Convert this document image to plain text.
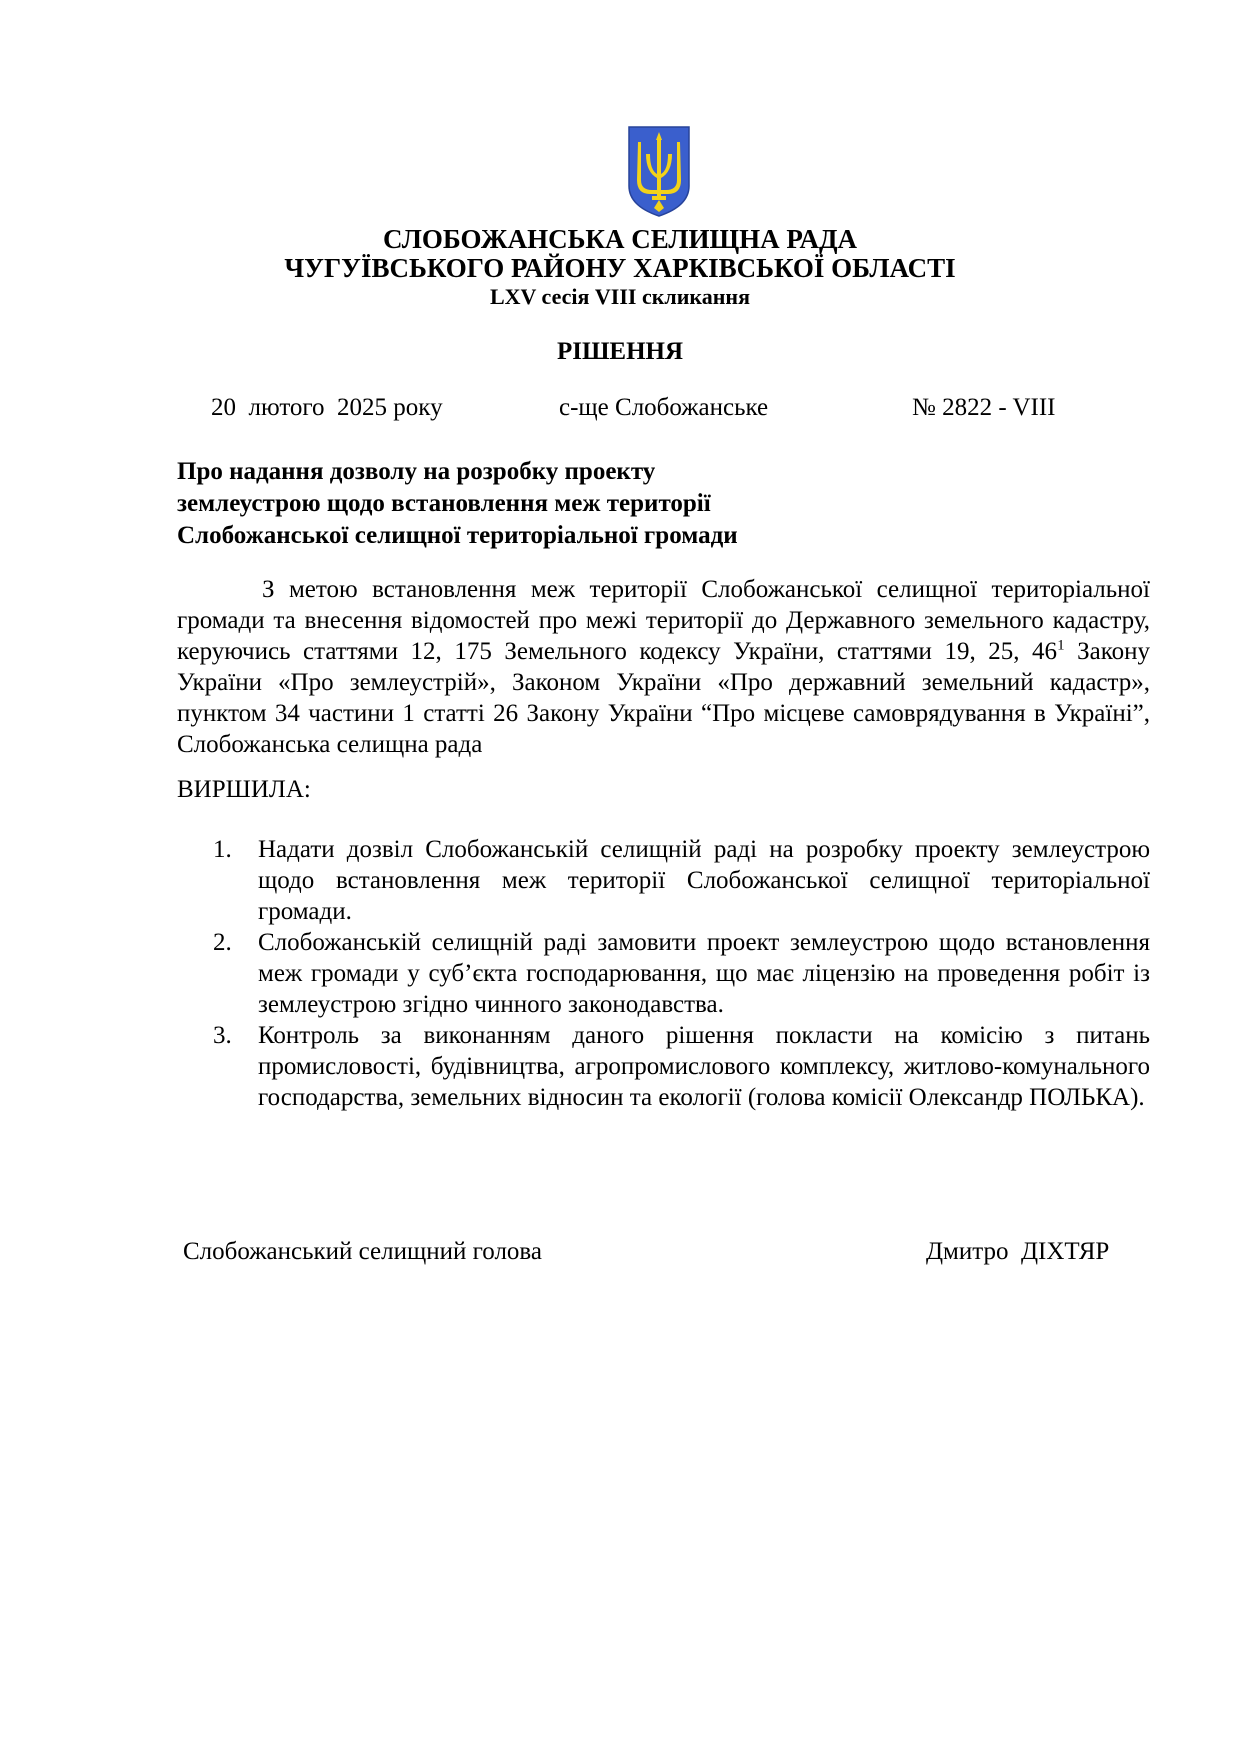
СЛОБОЖАНСЬКА СЕЛИЩНА РАДА
ЧУГУЇВСЬКОГО РАЙОНУ ХАРКІВСЬКОЇ ОБЛАСТІ
LXV сесія VIII скликання
РІШЕННЯ
20  лютого  2025 року	с-ще Слобожанське	№ 2822 - VIII
Про надання дозволу на розробку проекту
землеустрою щодо встановлення меж території
Слобожанської селищної територіальної громади

З метою встановлення меж території Слобожанської селищної територіальної громади та внесення відомостей про межі території до Державного земельного кадастру, керуючись статтями 12, 175 Земельного кодексу України, статтями 19, 25, $46^1$ Закону України «Про землеустрій», Законом України «Про державний земельний кадастр», пунктом 34 частини 1 статті 26 Закону України “Про місцеве самоврядування в Україні”, Слобожанська селищна рада

ВИРШИЛА:
1. Надати дозвіл Слобожанській селищній раді на розробку проекту землеустрою щодо встановлення меж території Слобожанської селищної територіальної громади.
2. Слобожанській селищній раді замовити проект землеустрою щодо встановлення меж громади у суб’єкта господарювання, що має ліцензію на проведення робіт із землеустрою згідно чинного законодавства.
3. Контроль за виконанням даного рішення покласти на комісію з питань промисловості, будівництва, агропромислового комплексу, житлово-комунального господарства, земельних відносин та екології (голова комісії Олександр ПОЛЬКА).
Слобожанський селищний голова	Дмитро  ДІХТЯР
